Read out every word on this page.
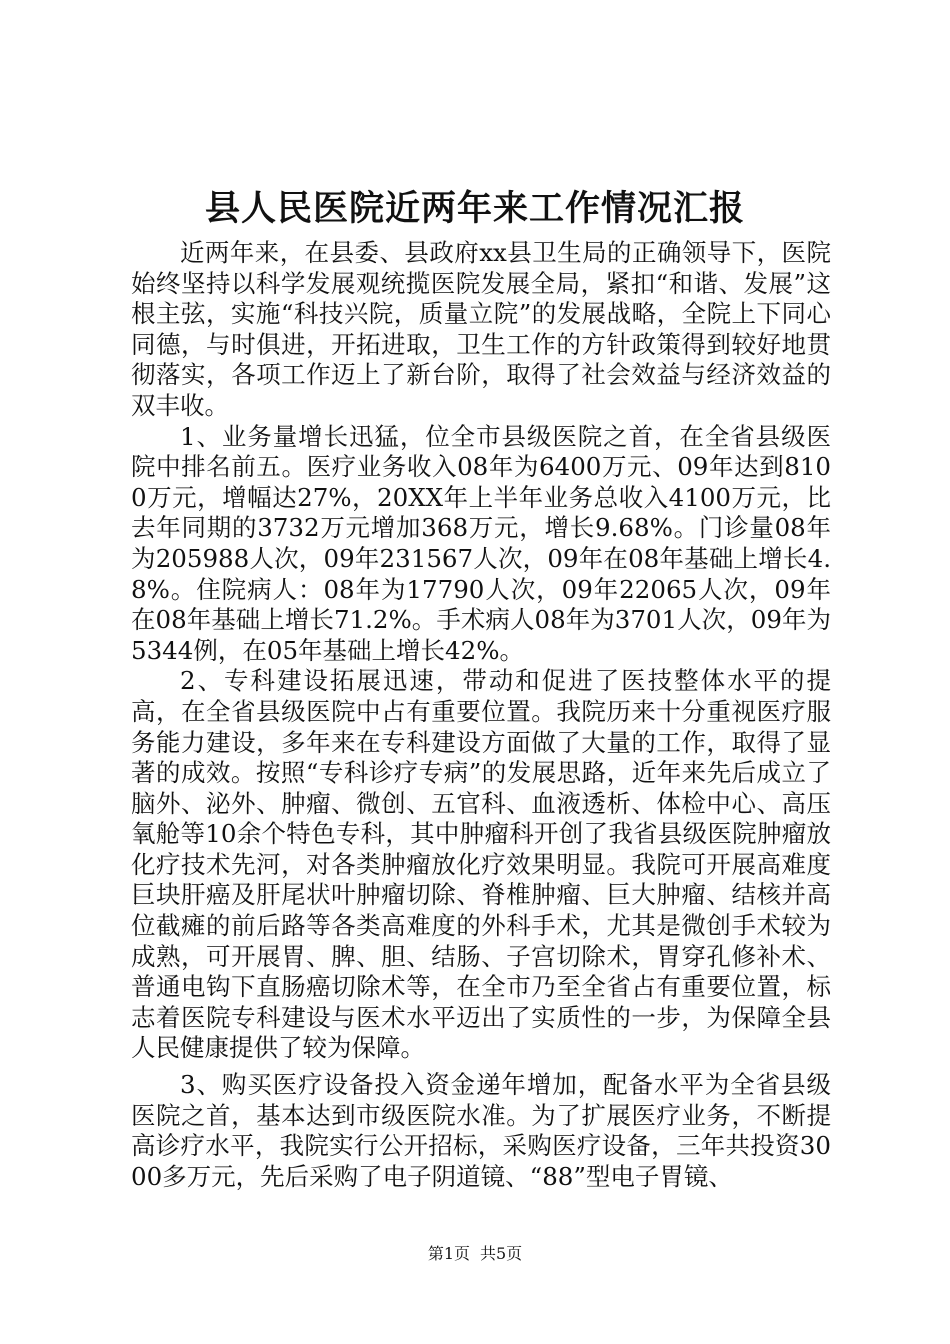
县人民医院近两年来工作情况汇报

近两年来，在县委、县政府xx县卫生局的正确领导下，医院始终坚持以科学发展观统揽医院发展全局，紧扣“和谐、发展”这根主弦，实施“科技兴院，质量立院”的发展战略，全院上下同心同德，与时俱进，开拓进取，卫生工作的方针政策得到较好地贯彻落实，各项工作迈上了新台阶，取得了社会效益与经济效益的双丰收。

1、业务量增长迅猛，位全市县级医院之首，在全省县级医院中排名前五。医疗业务收入08年为6400万元、09年达到8100万元，增幅达27%，20XX年上半年业务总收入4100万元，比去年同期的3732万元增加368万元，增长9.68%。门诊量08年为205988人次，09年231567人次，09年在08年基础上增长4.8%。住院病人：08年为17790人次，09年22065人次，09年在08年基础上增长71.2%。手术病人08年为3701人次，09年为5344例，在05年基础上增长42%。

2、专科建设拓展迅速，带动和促进了医技整体水平的提高，在全省县级医院中占有重要位置。我院历来十分重视医疗服务能力建设，多年来在专科建设方面做了大量的工作，取得了显著的成效。按照“专科诊疗专病”的发展思路，近年来先后成立了脑外、泌外、肿瘤、微创、五官科、血液透析、体检中心、高压氧舱等10余个特色专科，其中肿瘤科开创了我省县级医院肿瘤放化疗技术先河，对各类肿瘤放化疗效果明显。我院可开展高难度巨块肝癌及肝尾状叶肿瘤切除、脊椎肿瘤、巨大肿瘤、结核并高位截瘫的前后路等各类高难度的外科手术，尤其是微创手术较为成熟，可开展胃、脾、胆、结肠、子宫切除术，胃穿孔修补术、普通电钩下直肠癌切除术等，在全市乃至全省占有重要位置，标志着医院专科建设与医术水平迈出了实质性的一步，为保障全县人民健康提供了较为保障。

3、购买医疗设备投入资金递年增加，配备水平为全省县级医院之首，基本达到市级医院水准。为了扩展医疗业务，不断提高诊疗水平，我院实行公开招标，采购医疗设备，三年共投资3000多万元，先后采购了电子阴道镜、“88”型电子胃镜、

第1页 共5页
